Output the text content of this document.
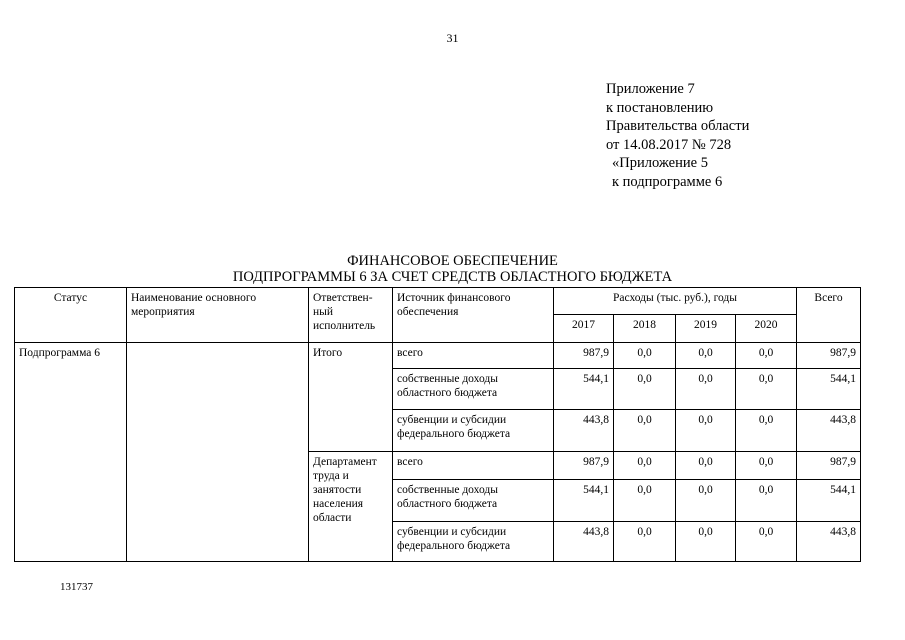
31
Приложение 7
к постановлению
Правительства области
от 14.08.2017 № 728
«Приложение 5
к подпрограмме 6
ФИНАНСОВОЕ ОБЕСПЕЧЕНИЕ
ПОДПРОГРАММЫ 6 ЗА СЧЕТ СРЕДСТВ ОБЛАСТНОГО БЮДЖЕТА
Статус	Наименование основного мероприятия	Ответствен-ный исполнитель	Источник финансового обеспечения	Расходы (тыс. руб.), годы				Всего
				2017	2018	2019	2020	
Подпрограмма 6		Итого	всего	987,9	0,0	0,0	0,0	987,9
			собственные доходы областного бюджета	544,1	0,0	0,0	0,0	544,1
			субвенции и субсидии федерального бюджета	443,8	0,0	0,0	0,0	443,8
		Департамент труда и занятости населения области	всего	987,9	0,0	0,0	0,0	987,9
			собственные доходы областного бюджета	544,1	0,0	0,0	0,0	544,1
			субвенции и субсидии федерального бюджета	443,8	0,0	0,0	0,0	443,8
131737
